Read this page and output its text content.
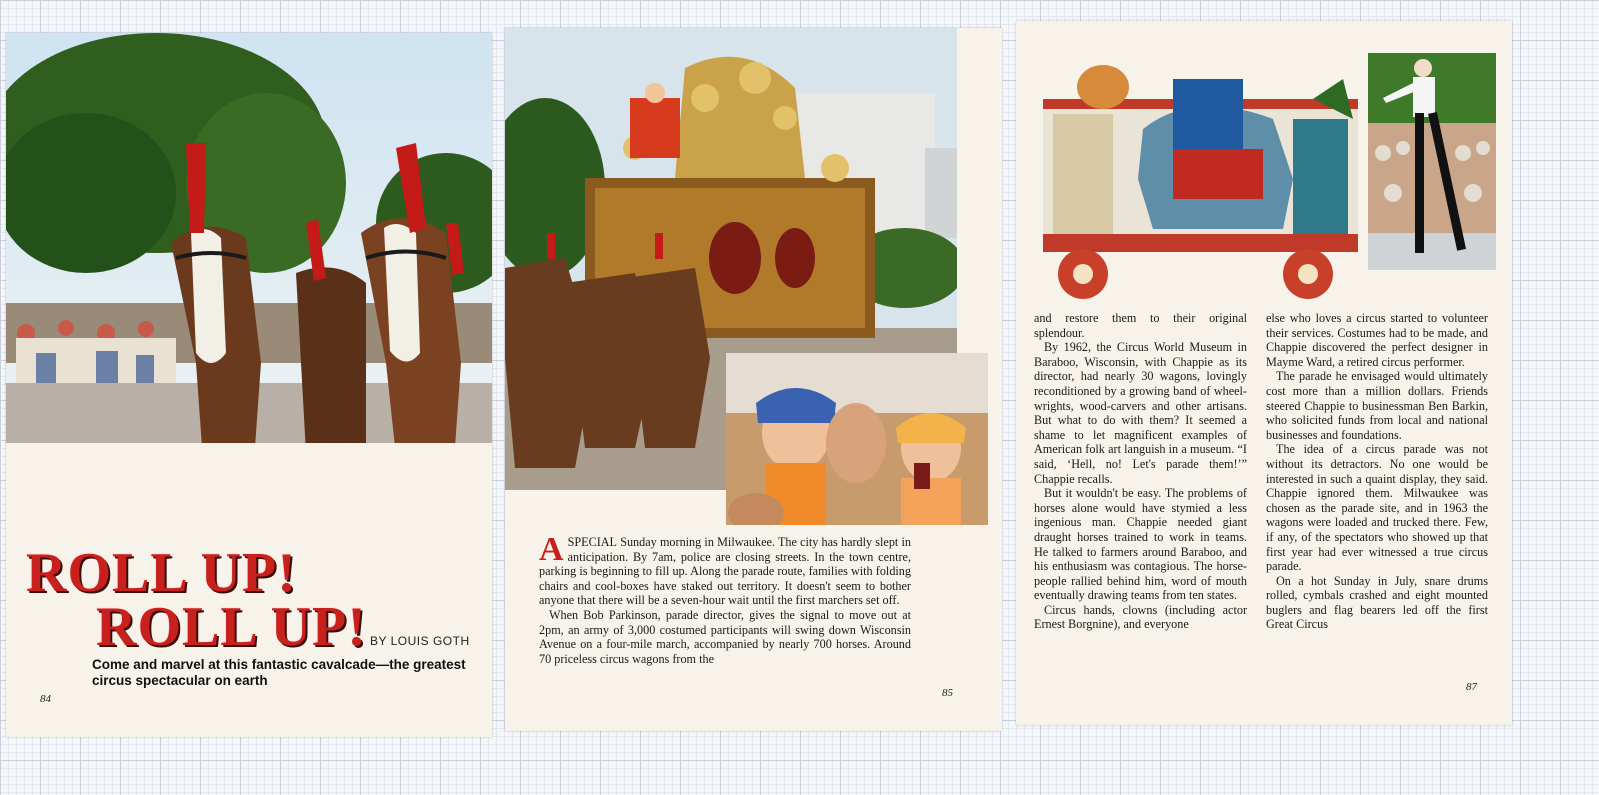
ROLL UP!
ROLL UP! BY LOUIS GOTH
Come and marvel at this fantastic cavalcade—the greatest circus spectacular on earth
84

ASPECIAL Sunday morning in Milwaukee. The city has hardly slept in anticipation. By 7am, police are closing streets. In the town centre, parking is beginning to fill up. Along the parade route, families with folding chairs and cool-boxes have staked out territory. It doesn't seem to bother anyone that there will be a seven-hour wait until the first marchers set off.

When Bob Parkinson, parade director, gives the signal to move out at 2pm, an army of 3,000 costumed participants will swing down Wisconsin Avenue on a four-mile march, accompanied by nearly 700 horses. Around 70 priceless circus wagons from the

85

and restore them to their original splendour.

By 1962, the Circus World Museum in Baraboo, Wisconsin, with Chappie as its director, had nearly 30 wagons, lovingly reconditioned by a growing band of wheel-wrights, wood-carvers and other artisans. But what to do with them? It seemed a shame to let magnificent examples of American folk art languish in a museum. “I said, ‘Hell, no! Let's parade them!’” Chappie recalls.

But it wouldn't be easy. The problems of horses alone would have stymied a less ingenious man. Chappie needed giant draught horses trained to work in teams. He talked to farmers around Baraboo, and his enthusiasm was contagious. The horse-people rallied behind him, word of mouth eventually drawing teams from ten states.

Circus hands, clowns (including actor Ernest Borgnine), and everyone

else who loves a circus started to volunteer their services. Costumes had to be made, and Chappie discovered the perfect designer in Mayme Ward, a retired circus performer.

The parade he envisaged would ultimately cost more than a million dollars. Friends steered Chappie to businessman Ben Barkin, who solicited funds from local and national businesses and foundations.

The idea of a circus parade was not without its detractors. No one would be interested in such a quaint display, they said. Chappie ignored them. Milwaukee was chosen as the parade site, and in 1963 the wagons were loaded and trucked there. Few, if any, of the spectators who showed up that first year had ever witnessed a true circus parade.

On a hot Sunday in July, snare drums rolled, cymbals crashed and eight mounted buglers and flag bearers led off the first Great Circus

87
